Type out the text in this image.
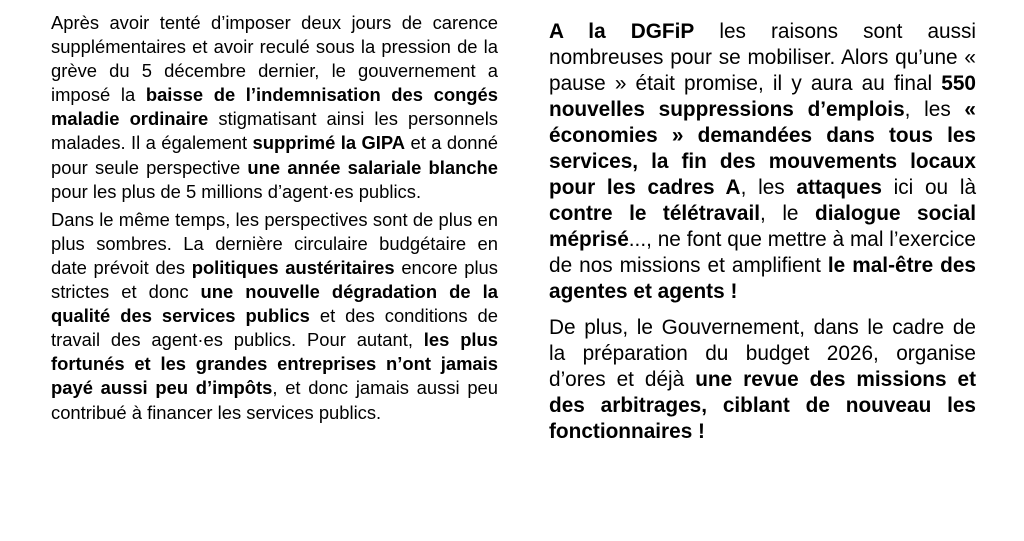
Après avoir tenté d’imposer deux jours de carence supplémentaires et avoir reculé sous la pression de la grève du 5 décembre dernier, le gouvernement a imposé la baisse de l’indemnisation des congés maladie ordinaire stigmatisant ainsi les personnels malades. Il a également supprimé la GIPA et a donné pour seule perspective une année salariale blanche pour les plus de 5 millions d’agent·es publics.

Dans le même temps, les perspectives sont de plus en plus sombres. La dernière circulaire budgétaire en date prévoit des politiques austéritaires encore plus strictes et donc une nouvelle dégradation de la qualité des services publics et des conditions de travail des agent·es publics. Pour autant, les plus fortunés et les grandes entreprises n’ont jamais payé aussi peu d’impôts, et donc jamais aussi peu contribué à financer les services publics.

A la DGFiP les raisons sont aussi nombreuses pour se mobiliser. Alors qu’une « pause » était promise, il y aura au final 550 nouvelles suppressions d’emplois, les « économies » demandées dans tous les services, la fin des mouvements locaux pour les cadres A, les attaques ici ou là contre le télétravail, le dialogue social méprisé..., ne font que mettre à mal l’exercice de nos missions et amplifient le mal-être des agentes et agents !

De plus, le Gouvernement, dans le cadre de la préparation du budget 2026, organise d’ores et déjà une revue des missions et des arbitrages, ciblant de nouveau les fonctionnaires !
